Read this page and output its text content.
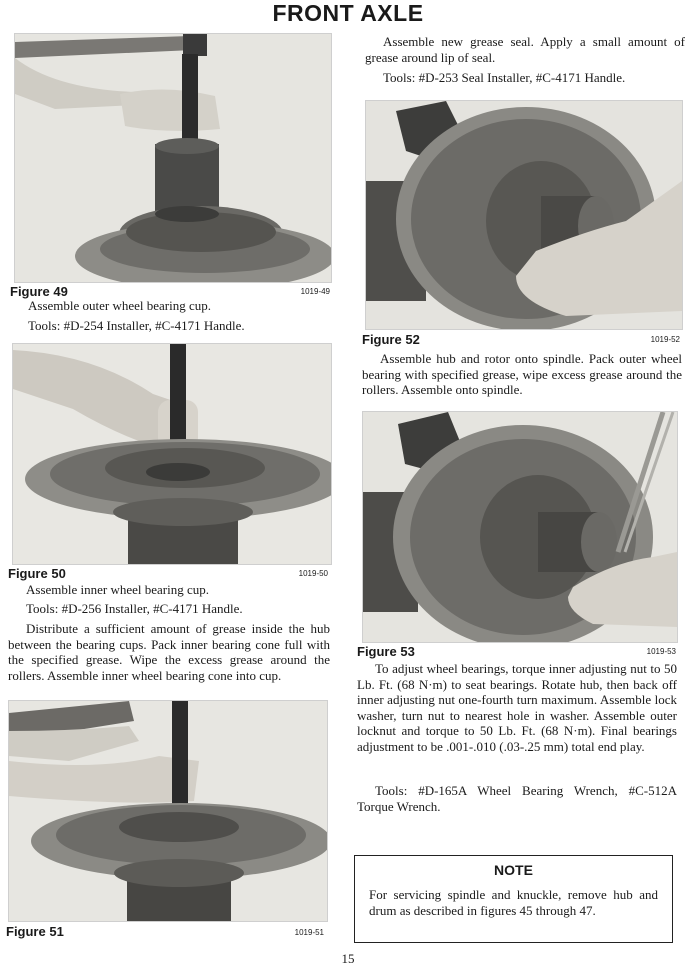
FRONT AXLE
Figure 49	1019-49

Assemble outer wheel bearing cup.

Tools: #D-254 Installer, #C-4171 Handle.

Figure 50	1019-50

Assemble inner wheel bearing cup.

Tools: #D-256 Installer, #C-4171 Handle.

Distribute a sufficient amount of grease inside the hub between the bearing cups. Pack inner bearing cone full with the specified grease. Wipe the excess grease around the rollers. Assemble inner wheel bearing cone into cup.

Figure 51	1019-51

Assemble new grease seal. Apply a small amount of grease around lip of seal.

Tools: #D-253 Seal Installer, #C-4171 Handle.

Figure 52	1019-52

Assemble hub and rotor onto spindle. Pack outer wheel bearing with specified grease, wipe excess grease around the rollers. Assemble onto spindle.

Figure 53	1019-53

To adjust wheel bearings, torque inner adjusting nut to 50 Lb. Ft. (68 N·m) to seat bearings. Rotate hub, then back off inner adjusting nut one-fourth turn maximum. Assemble lock washer, turn nut to nearest hole in washer. Assemble outer locknut and torque to 50 Lb. Ft. (68 N·m). Final bearings adjustment to be .001-.010 (.03-.25 mm) total end play.

Tools: #D-165A Wheel Bearing Wrench, #C-512A Torque Wrench.

NOTE

For servicing spindle and knuckle, remove hub and drum as described in figures 45 through 47.

15
